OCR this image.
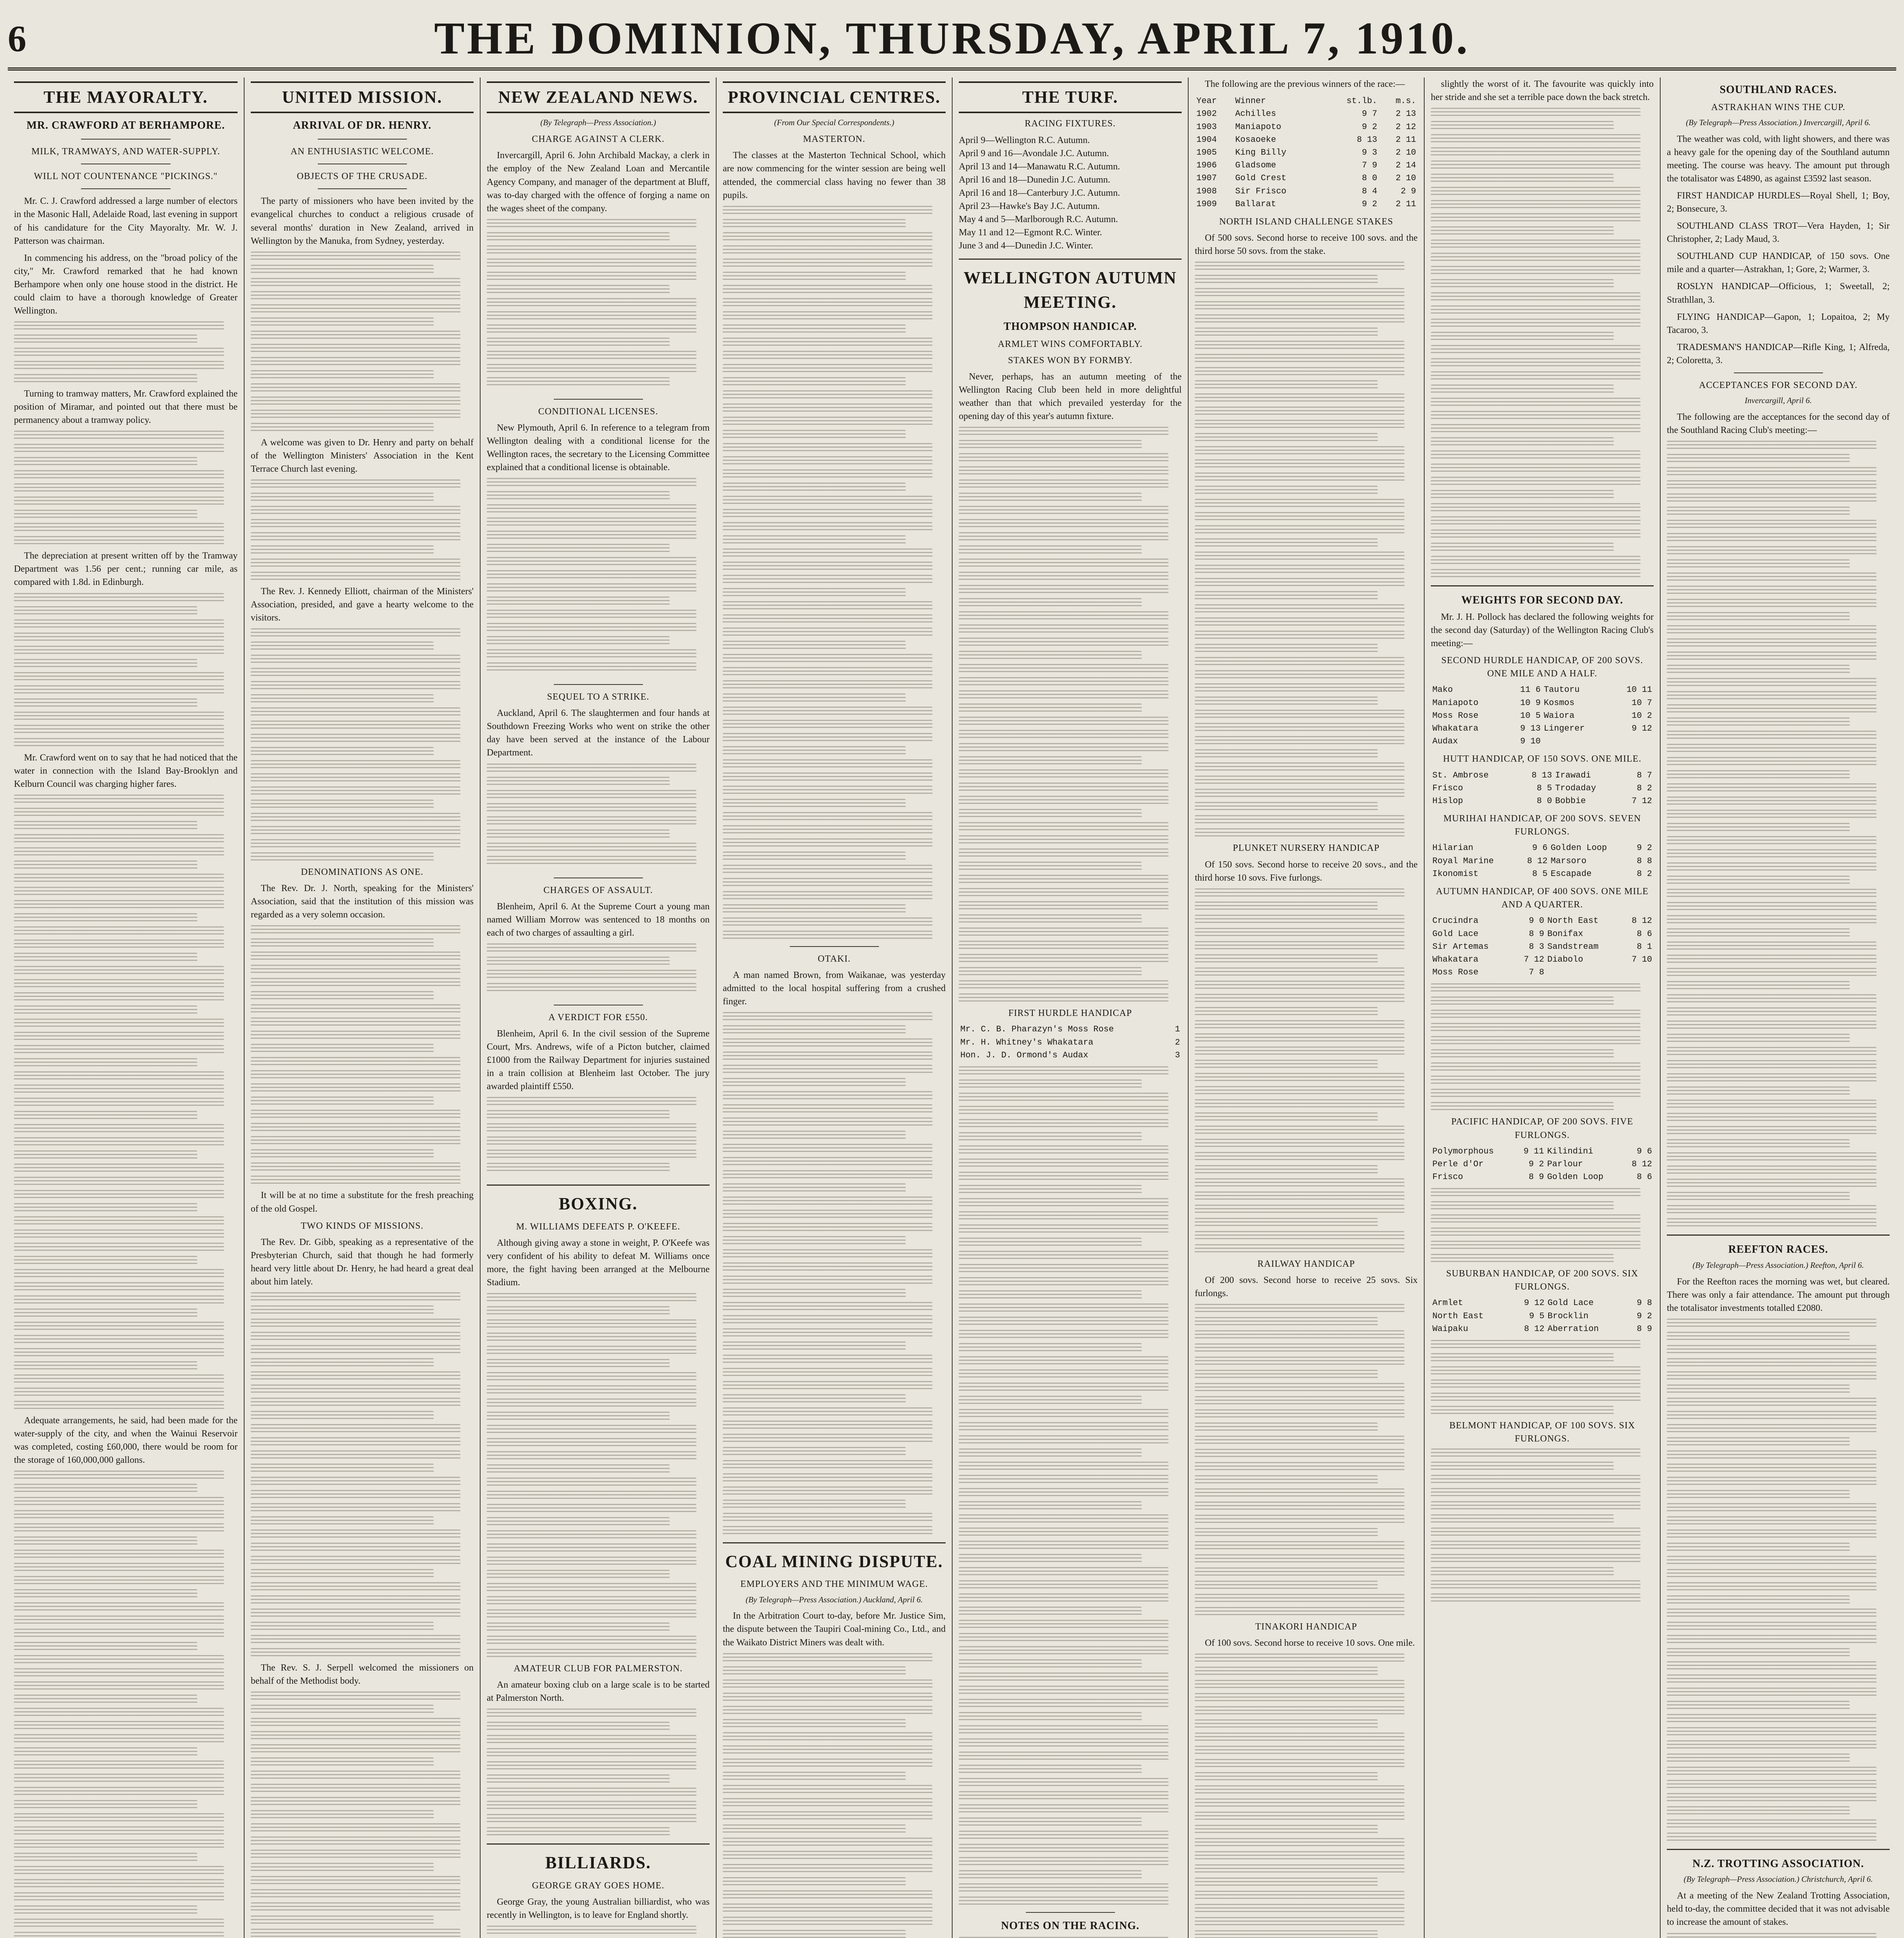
6	THE DOMINION, THURSDAY, APRIL 7, 1910.
THE MAYORALTY.
MR. CRAWFORD AT BERHAMPORE.
MILK, TRAMWAYS, AND WATER-SUPPLY.
WILL NOT COUNTENANCE "PICKINGS."

Mr. C. J. Crawford addressed a large number of electors in the Masonic Hall, Adelaide Road, last evening in support of his candidature for the City Mayoralty. Mr. W. J. Patterson was chairman.

In commencing his address, on the "broad policy of the city," Mr. Crawford remarked that he had known Berhampore when only one house stood in the district. He could claim to have a thorough knowledge of Greater Wellington.

Turning to tramway matters, Mr. Crawford explained the position of Miramar, and pointed out that there must be permanency about a tramway policy.

The depreciation at present written off by the Tramway Department was 1.56 per cent.; running car mile, as compared with 1.8d. in Edinburgh.

Mr. Crawford went on to say that he had noticed that the water in connection with the Island Bay-Brooklyn and Kelburn Council was charging higher fares.

Adequate arrangements, he said, had been made for the water-supply of the city, and when the Wainui Reservoir was completed, costing £60,000, there would be room for the storage of 160,000,000 gallons.

UNITED MISSION.
ARRIVAL OF DR. HENRY.
AN ENTHUSIASTIC WELCOME.
OBJECTS OF THE CRUSADE.

The party of missioners who have been invited by the evangelical churches to conduct a religious crusade of several months' duration in New Zealand, arrived in Wellington by the Manuka, from Sydney, yesterday.

A welcome was given to Dr. Henry and party on behalf of the Wellington Ministers' Association in the Kent Terrace Church last evening.

The Rev. J. Kennedy Elliott, chairman of the Ministers' Association, presided, and gave a hearty welcome to the visitors.

DENOMINATIONS AS ONE.

The Rev. Dr. J. North, speaking for the Ministers' Association, said that the institution of this mission was regarded as a very solemn occasion.

It will be at no time a substitute for the fresh preaching of the old Gospel.

TWO KINDS OF MISSIONS.

The Rev. Dr. Gibb, speaking as a representative of the Presbyterian Church, said that though he had formerly heard very little about Dr. Henry, he had heard a great deal about him lately.

The Rev. S. J. Serpell welcomed the missioners on behalf of the Methodist body.

NEW ZEALAND NEWS.
(By Telegraph—Press Association.)
CHARGE AGAINST A CLERK.

Invercargill, April 6. John Archibald Mackay, a clerk in the employ of the New Zealand Loan and Mercantile Agency Company, and manager of the department at Bluff, was to-day charged with the offence of forging a name on the wages sheet of the company.

CONDITIONAL LICENSES.

New Plymouth, April 6. In reference to a telegram from Wellington dealing with a conditional license for the Wellington races, the secretary to the Licensing Committee explained that a conditional license is obtainable.

SEQUEL TO A STRIKE.

Auckland, April 6. The slaughtermen and four hands at Southdown Freezing Works who went on strike the other day have been served at the instance of the Labour Department.

CHARGES OF ASSAULT.

Blenheim, April 6. At the Supreme Court a young man named William Morrow was sentenced to 18 months on each of two charges of assaulting a girl.

A VERDICT FOR £550.

Blenheim, April 6. In the civil session of the Supreme Court, Mrs. Andrews, wife of a Picton butcher, claimed £1000 from the Railway Department for injuries sustained in a train collision at Blenheim last October. The jury awarded plaintiff £550.

BOXING.
M. WILLIAMS DEFEATS P. O'KEEFE.

Although giving away a stone in weight, P. O'Keefe was very confident of his ability to defeat M. Williams once more, the fight having been arranged at the Melbourne Stadium.

AMATEUR CLUB FOR PALMERSTON.

An amateur boxing club on a large scale is to be started at Palmerston North.

BILLIARDS.
GEORGE GRAY GOES HOME.

George Gray, the young Australian billiardist, who was recently in Wellington, is to leave for England shortly.

PROVINCIAL CENTRES.
(From Our Special Correspondents.)
MASTERTON.

The classes at the Masterton Technical School, which are now commencing for the winter session are being well attended, the commercial class having no fewer than 38 pupils.

OTAKI.

A man named Brown, from Waikanae, was yesterday admitted to the local hospital suffering from a crushed finger.

COAL MINING DISPUTE.
EMPLOYERS AND THE MINIMUM WAGE.
(By Telegraph—Press Association.) Auckland, April 6.

In the Arbitration Court to-day, before Mr. Justice Sim, the dispute between the Taupiri Coal-mining Co., Ltd., and the Waikato District Miners was dealt with.

THE TURF.
RACING FIXTURES.
April 9—Wellington R.C. Autumn.
April 9 and 16—Avondale J.C. Autumn.
April 13 and 14—Manawatu R.C. Autumn.
April 16 and 18—Dunedin J.C. Autumn.
April 16 and 18—Canterbury J.C. Autumn.
April 23—Hawke's Bay J.C. Autumn.
May 4 and 5—Marlborough R.C. Autumn.
May 11 and 12—Egmont R.C. Winter.
June 3 and 4—Dunedin J.C. Winter.
WELLINGTON AUTUMN MEETING.
THOMPSON HANDICAP.
ARMLET WINS COMFORTABLY.
STAKES WON BY FORMBY.

Never, perhaps, has an autumn meeting of the Wellington Racing Club been held in more delightful weather than that which prevailed yesterday for the opening day of this year's autumn fixture.

FIRST HURDLE HANDICAP
Mr. C. B. Pharazyn's Moss Rose	1
Mr. H. Whitney's Whakatara	2
Hon. J. D. Ormond's Audax	3
NOTES ON THE RACING.

The following are the previous winners of the race:—

Year	Winner	st.lb.	m.s.
1902	Achilles	9 7	2 13
1903	Maniapoto	9 2	2 12
1904	Kosaoeke	8 13	2 11
1905	King Billy	9 3	2 10
1906	Gladsome	7 9	2 14
1907	Gold Crest	8 0	2 10
1908	Sir Frisco	8 4	2 9
1909	Ballarat	9 2	2 11
NORTH ISLAND CHALLENGE STAKES

Of 500 sovs. Second horse to receive 100 sovs. and the third horse 50 sovs. from the stake.

PLUNKET NURSERY HANDICAP

Of 150 sovs. Second horse to receive 20 sovs., and the third horse 10 sovs. Five furlongs.

RAILWAY HANDICAP

Of 200 sovs. Second horse to receive 25 sovs. Six furlongs.

TINAKORI HANDICAP

Of 100 sovs. Second horse to receive 10 sovs. One mile.

slightly the worst of it. The favourite was quickly into her stride and she set a terrible pace down the back stretch.

WEIGHTS FOR SECOND DAY.

Mr. J. H. Pollock has declared the following weights for the second day (Saturday) of the Wellington Racing Club's meeting:—

SECOND HURDLE HANDICAP, OF 200 SOVS. ONE MILE AND A HALF.
Mako	11 6	Tautoru	10 11
Maniapoto	10 9	Kosmos	10 7
Moss Rose	10 5	Waiora	10 2
Whakatara	9 13	Lingerer	9 12
Audax	9 10		
HUTT HANDICAP, OF 150 SOVS. ONE MILE.
St. Ambrose	8 13	Irawadi	8 7
Frisco	8 5	Trodaday	8 2
Hislop	8 0	Bobbie	7 12
MURIHAI HANDICAP, OF 200 SOVS. SEVEN FURLONGS.
Hilarian	9 6	Golden Loop	9 2
Royal Marine	8 12	Marsoro	8 8
Ikonomist	8 5	Escapade	8 2
AUTUMN HANDICAP, OF 400 SOVS. ONE MILE AND A QUARTER.
Crucindra	9 0	North East	8 12
Gold Lace	8 9	Bonifax	8 6
Sir Artemas	8 3	Sandstream	8 1
Whakatara	7 12	Diabolo	7 10
Moss Rose	7 8		
PACIFIC HANDICAP, OF 200 SOVS. FIVE FURLONGS.
Polymorphous	9 11	Kilindini	9 6
Perle d'Or	9 2	Parlour	8 12
Frisco	8 9	Golden Loop	8 6
SUBURBAN HANDICAP, OF 200 SOVS. SIX FURLONGS.
Armlet	9 12	Gold Lace	9 8
North East	9 5	Brocklin	9 2
Waipaku	8 12	Aberration	8 9
BELMONT HANDICAP, OF 100 SOVS. SIX FURLONGS.
SOUTHLAND RACES.
ASTRAKHAN WINS THE CUP.
(By Telegraph—Press Association.) Invercargill, April 6.

The weather was cold, with light showers, and there was a heavy gale for the opening day of the Southland autumn meeting. The course was heavy. The amount put through the totalisator was £4890, as against £3592 last season.

FIRST HANDICAP HURDLES—Royal Shell, 1; Boy, 2; Bonsecure, 3.

SOUTHLAND CLASS TROT—Vera Hayden, 1; Sir Christopher, 2; Lady Maud, 3.

SOUTHLAND CUP HANDICAP, of 150 sovs. One mile and a quarter—Astrakhan, 1; Gore, 2; Warmer, 3.

ROSLYN HANDICAP—Officious, 1; Sweetall, 2; Strathllan, 3.

FLYING HANDICAP—Gapon, 1; Lopaitoa, 2; My Tacaroo, 3.

TRADESMAN'S HANDICAP—Rifle King, 1; Alfreda, 2; Coloretta, 3.

ACCEPTANCES FOR SECOND DAY.
Invercargill, April 6.

The following are the acceptances for the second day of the Southland Racing Club's meeting:—

REEFTON RACES.
(By Telegraph—Press Association.) Reefton, April 6.

For the Reefton races the morning was wet, but cleared. There was only a fair attendance. The amount put through the totalisator investments totalled £2080.

N.Z. TROTTING ASSOCIATION.
(By Telegraph—Press Association.) Christchurch, April 6.

At a meeting of the New Zealand Trotting Association, held to-day, the committee decided that it was not advisable to increase the amount of stakes.
